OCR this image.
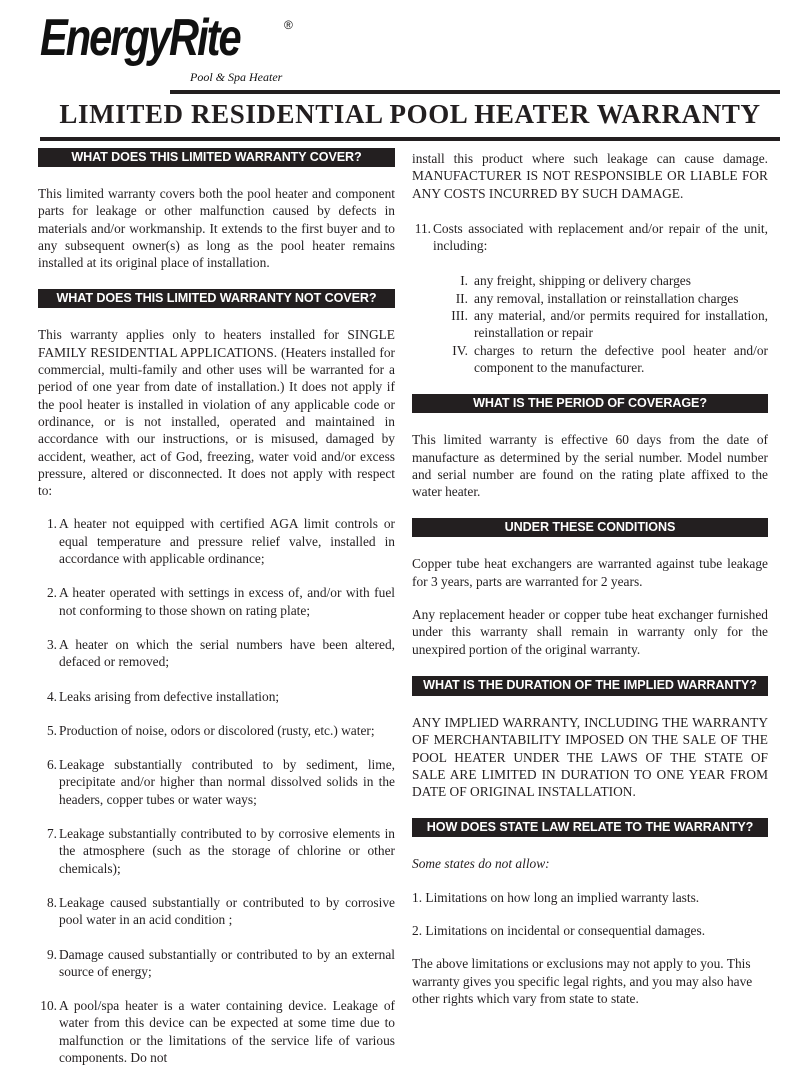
EnergyRite	®
Pool & Spa Heater
LIMITED RESIDENTIAL POOL HEATER WARRANTY
WHAT DOES THIS LIMITED WARRANTY COVER?

This limited warranty covers both the pool heater and component parts for leakage or other malfunction caused by defects in materials and/or workmanship. It extends to the first buyer and to any subsequent owner(s) as long as the pool heater remains installed at its original place of installation.

WHAT DOES THIS LIMITED WARRANTY NOT COVER?

This warranty applies only to heaters installed for SINGLE FAMILY RESIDENTIAL APPLICATIONS. (Heaters installed for commercial, multi-family and other uses will be warranted for a period of one year from date of installation.) It does not apply if the pool heater is installed in violation of any applicable code or ordinance, or is not installed, operated and maintained in accordance with our instructions, or is misused, damaged by accident, weather, act of God, freezing, water void and/or excess pressure, altered or disconnected. It does not apply with respect to:

1. A heater not equipped with certified AGA limit controls or equal temperature and pressure relief valve, installed in accordance with applicable ordinance;
2. A heater operated with settings in excess of, and/or with fuel not conforming to those shown on rating plate;
3. A heater on which the serial numbers have been altered, defaced or removed;
4. Leaks arising from defective installation;
5. Production of noise, odors or discolored (rusty, etc.) water;
6. Leakage substantially contributed to by sediment, lime, precipitate and/or higher than normal dissolved solids in the headers, copper tubes or water ways;
7. Leakage substantially contributed to by corrosive elements in the atmosphere (such as the storage of chlorine or other chemicals);
8. Leakage caused substantially or contributed to by corrosive pool water in an acid condition ;
9. Damage caused substantially or contributed to by an external source of energy;
10. A pool/spa heater is a water containing device. Leakage of water from this device can be expected at some time due to malfunction or the limitations of the service life of various components. Do not

install this product where such leakage can cause damage. MANUFACTURER IS NOT RESPONSIBLE OR LIABLE FOR ANY COSTS INCURRED BY SUCH DAMAGE.

11. Costs associated with replacement and/or repair of the unit, including:
I. any freight, shipping or delivery charges
II. any removal, installation or reinstallation charges
III. any material, and/or permits required for installation, reinstallation or repair
IV. charges to return the defective pool heater and/or component to the manufacturer.
WHAT IS THE PERIOD OF COVERAGE?

This limited warranty is effective 60 days from the date of manufacture as determined by the serial number. Model number and serial number are found on the rating plate affixed to the water heater.

UNDER THESE CONDITIONS

Copper tube heat exchangers are warranted against tube leakage for 3 years, parts are warranted for 2 years.

Any replacement header or copper tube heat exchanger furnished under this warranty shall remain in warranty only for the unexpired portion of the original warranty.

WHAT IS THE DURATION OF THE IMPLIED WARRANTY?

ANY IMPLIED WARRANTY, INCLUDING THE WARRANTY OF MERCHANTABILITY IMPOSED ON THE SALE OF THE POOL HEATER UNDER THE LAWS OF THE STATE OF SALE ARE LIMITED IN DURATION TO ONE YEAR FROM DATE OF ORIGINAL INSTALLATION.

HOW DOES STATE LAW RELATE TO THE WARRANTY?

Some states do not allow:

1. Limitations on how long an implied warranty lasts.

2. Limitations on incidental or consequential damages.

The above limitations or exclusions may not apply to you. This warranty gives you specific legal rights, and you may also have other rights which vary from state to state.
